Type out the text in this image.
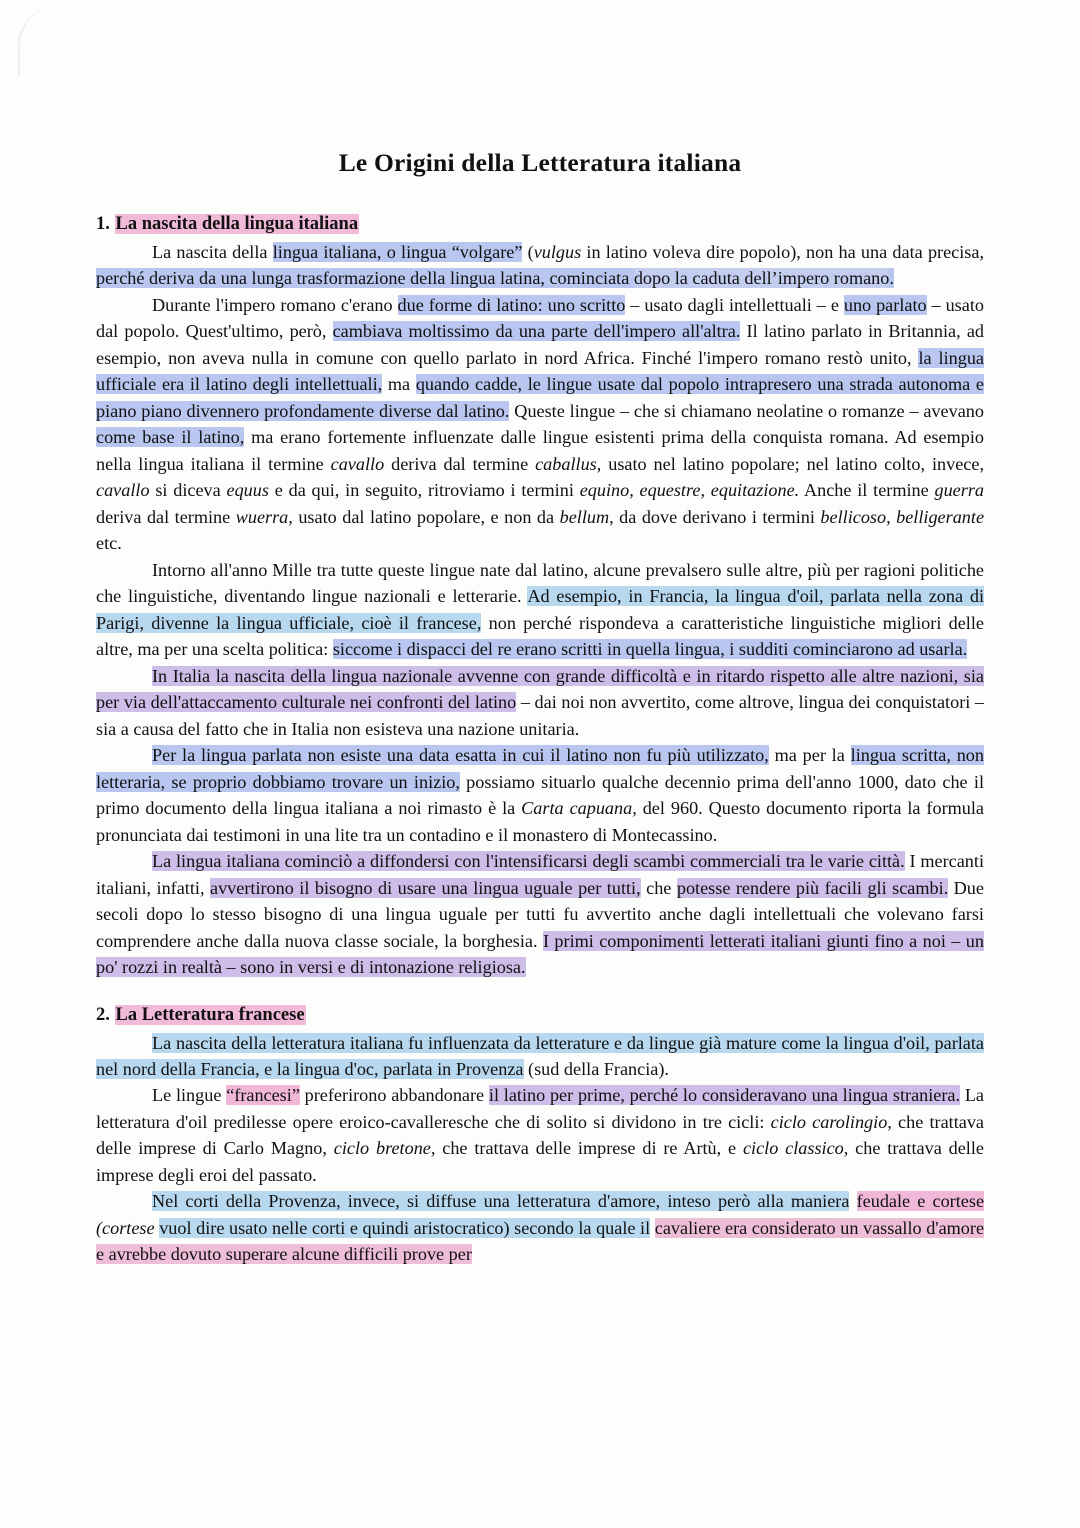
Le Origini della Letteratura italiana
1. La nascita della lingua italiana

La nascita della lingua italiana, o lingua “volgare” (vulgus in latino voleva dire popolo), non ha una data precisa, perché deriva da una lunga trasformazione della lingua latina, cominciata dopo la caduta dell’impero romano.

Durante l'impero romano c'erano due forme di latino: uno scritto – usato dagli intellettuali – e uno parlato – usato dal popolo. Quest'ultimo, però, cambiava moltissimo da una parte dell'impero all'altra. Il latino parlato in Britannia, ad esempio, non aveva nulla in comune con quello parlato in nord Africa. Finché l'impero romano restò unito, la lingua ufficiale era il latino degli intellettuali, ma quando cadde, le lingue usate dal popolo intrapresero una strada autonoma e piano piano divennero profondamente diverse dal latino. Queste lingue – che si chiamano neolatine o romanze – avevano come base il latino, ma erano fortemente influenzate dalle lingue esistenti prima della conquista romana. Ad esempio nella lingua italiana il termine cavallo deriva dal termine caballus, usato nel latino popolare; nel latino colto, invece, cavallo si diceva equus e da qui, in seguito, ritroviamo i termini equino, equestre, equitazione. Anche il termine guerra deriva dal termine wuerra, usato dal latino popolare, e non da bellum, da dove derivano i termini bellicoso, belligerante etc.

Intorno all'anno Mille tra tutte queste lingue nate dal latino, alcune prevalsero sulle altre, più per ragioni politiche che linguistiche, diventando lingue nazionali e letterarie. Ad esempio, in Francia, la lingua d'oil, parlata nella zona di Parigi, divenne la lingua ufficiale, cioè il francese, non perché rispondeva a caratteristiche linguistiche migliori delle altre, ma per una scelta politica: siccome i dispacci del re erano scritti in quella lingua, i sudditi cominciarono ad usarla.

In Italia la nascita della lingua nazionale avvenne con grande difficoltà e in ritardo rispetto alle altre nazioni, sia per via dell'attaccamento culturale nei confronti del latino – dai noi non avvertito, come altrove, lingua dei conquistatori – sia a causa del fatto che in Italia non esisteva una nazione unitaria.

Per la lingua parlata non esiste una data esatta in cui il latino non fu più utilizzato, ma per la lingua scritta, non letteraria, se proprio dobbiamo trovare un inizio, possiamo situarlo qualche decennio prima dell'anno 1000, dato che il primo documento della lingua italiana a noi rimasto è la Carta capuana, del 960. Questo documento riporta la formula pronunciata dai testimoni in una lite tra un contadino e il monastero di Montecassino.

La lingua italiana cominciò a diffondersi con l'intensificarsi degli scambi commerciali tra le varie città. I mercanti italiani, infatti, avvertirono il bisogno di usare una lingua uguale per tutti, che potesse rendere più facili gli scambi. Due secoli dopo lo stesso bisogno di una lingua uguale per tutti fu avvertito anche dagli intellettuali che volevano farsi comprendere anche dalla nuova classe sociale, la borghesia. I primi componimenti letterati italiani giunti fino a noi – un po' rozzi in realtà – sono in versi e di intonazione religiosa.

2. La Letteratura francese

La nascita della letteratura italiana fu influenzata da letterature e da lingue già mature come la lingua d'oil, parlata nel nord della Francia, e la lingua d'oc, parlata in Provenza (sud della Francia).

Le lingue “francesi” preferirono abbandonare il latino per prime, perché lo consideravano una lingua straniera. La letteratura d'oil predilesse opere eroico-cavalleresche che di solito si dividono in tre cicli: ciclo carolingio, che trattava delle imprese di Carlo Magno, ciclo bretone, che trattava delle imprese di re Artù, e ciclo classico, che trattava delle imprese degli eroi del passato.

Nel corti della Provenza, invece, si diffuse una letteratura d'amore, inteso però alla maniera feudale e cortese (cortese vuol dire usato nelle corti e quindi aristocratico) secondo la quale il cavaliere era considerato un vassallo d'amore e avrebbe dovuto superare alcune difficili prove per
